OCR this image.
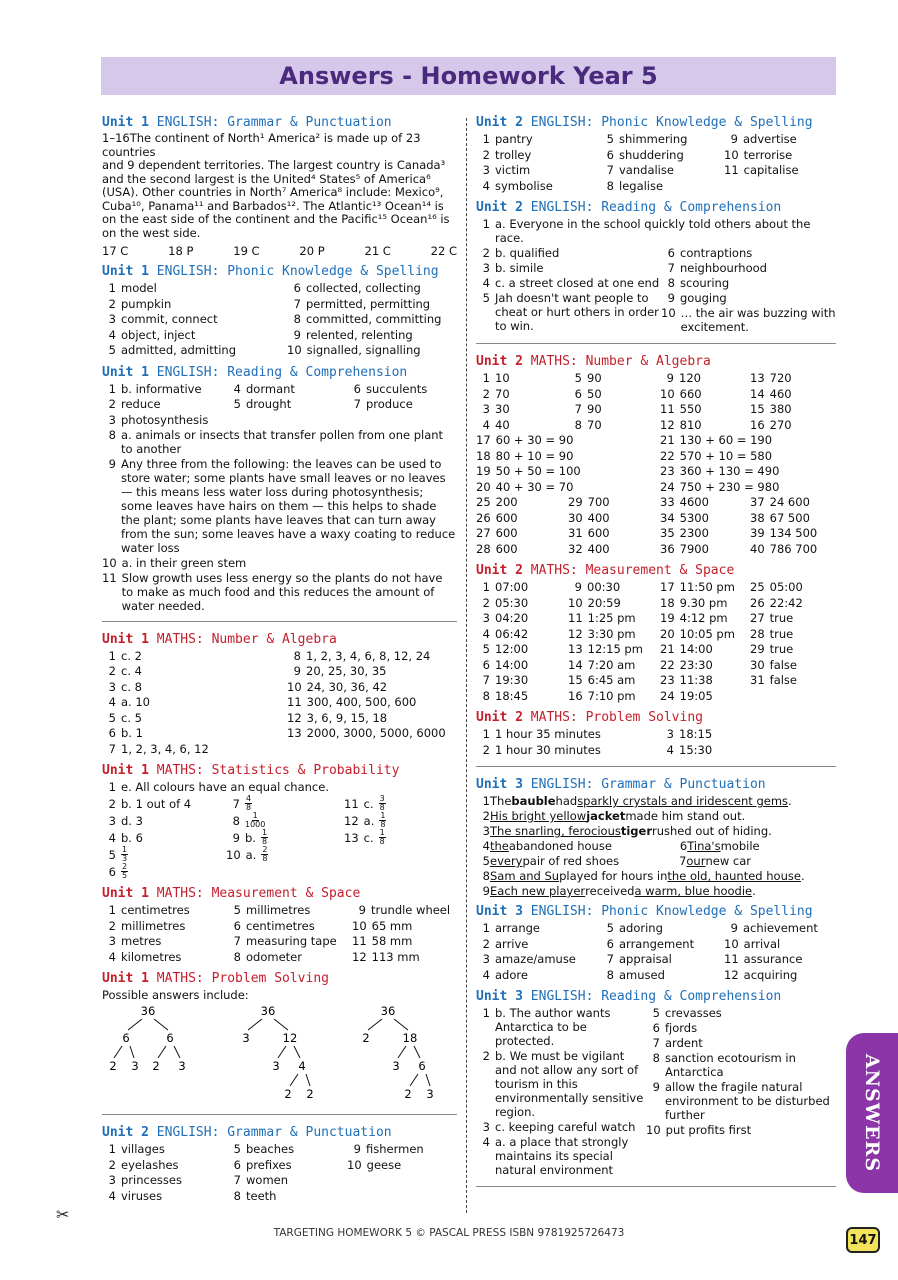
Answers - Homework Year 5
Unit 1 ENGLISH: Grammar & Punctuation
1–16The continent of North¹ America² is made up of 23 countries
and 9 dependent territories. The largest country is Canada³
and the second largest is the United⁴ States⁵ of America⁶
(USA). Other countries in North⁷ America⁸ include: Mexico⁹,
Cuba¹⁰, Panama¹¹ and Barbados¹². The Atlantic¹³ Ocean¹⁴ is
on the east side of the continent and the Pacific¹⁵ Ocean¹⁶ is
on the west side.
17 C	18 P	19 C	20 P	21 C	22 C
Unit 1 ENGLISH: Phonic Knowledge & Spelling
1 model	6 collected, collecting
2 pumpkin	7 permitted, permitting
3 commit, connect	8 committed, committing
4 object, inject	9 relented, relenting
5 admitted, admitting	10 signalled, signalling
Unit 1 ENGLISH: Reading & Comprehension
1 b. informative	4 dormant	6 succulents
2 reduce	5 drought	7 produce
3 photosynthesis
8 a. animals or insects that transfer pollen from one plant to another
9 Any three from the following: the leaves can be used to store water; some plants have small leaves or no leaves — this means less water loss during photosynthesis; some leaves have hairs on them — this helps to shade the plant; some plants have leaves that can turn away from the sun; some leaves have a waxy coating to reduce water loss
10 a. in their green stem
11 Slow growth uses less energy so the plants do not have to make as much food and this reduces the amount of water needed.
Unit 1 MATHS: Number & Algebra
1 c. 2	8 1, 2, 3, 4, 6, 8, 12, 24
2 c. 4	9 20, 25, 30, 35
3 c. 8	10 24, 30, 36, 42
4 a. 10	11 300, 400, 500, 600
5 c. 5	12 3, 6, 9, 15, 18
6 b. 1	13 2000, 3000, 5000, 6000
7 1, 2, 3, 4, 6, 12
Unit 1 MATHS: Statistics & Probability
1 e. All colours have an equal chance.
2 b. 1 out of 4
3 d. 3
4 b. 6
$5 \frac{1}{3}$
$6 \frac{2}{5}$
$7 \frac{4}{8}$
$8 \frac{1}{1000}$
9 b. $\frac{1}{8}$
10 a. $\frac{2}{8}$
11 c. $\frac{3}{8}$
12 a. $\frac{1}{8}$
13 c. $\frac{1}{8}$
Unit 1 MATHS: Measurement & Space
1 centimetres	5 millimetres	9 trundle wheel
2 millimetres	6 centimetres	10 65 mm
3 metres	7 measuring tape 11 58 mm
4 kilometres	8 odometer	12 113 mm
Unit 1 MATHS: Problem Solving
Possible answers include:
36
6	6
2 3 2 3
36
3	12
3 4
2 2
36
2	18
3 6
2 3
Unit 2 ENGLISH: Grammar & Punctuation
1 villages	5 beaches	9 fishermen
2 eyelashes	6 prefixes	10 geese
3 princesses	7 women
4 viruses	8 teeth
Unit 2 ENGLISH: Phonic Knowledge & Spelling
1 pantry	5 shimmering	9 advertise
2 trolley	6 shuddering	10 terrorise
3 victim	7 vandalise	11 capitalise
4 symbolise	8 legalise
Unit 2 ENGLISH: Reading & Comprehension
1 a. Everyone in the school quickly told others about the race.
2 b. qualified
3 b. simile
4 c. a street closed at one end
5 Jah doesn't want people to cheat or hurt others in order to win.
6 contraptions
7 neighbourhood
8 scouring
9 gouging
10 … the air was buzzing with excitement.
Unit 2 MATHS: Number & Algebra
1 10	5 90	9 120	13 720
2 70	6 50	10 660	14 460
3 30	7 90	11 550	15 380
4 40	8 70	12 810	16 270
17 60 + 30 = 90	21 130 + 60 = 190
18 80 + 10 = 90	22 570 + 10 = 580
19 50 + 50 = 100	23 360 + 130 = 490
20 40 + 30 = 70	24 750 + 230 = 980
25 200	29 700	33 4600	37 24 600
26 600	30 400	34 5300	38 67 500
27 600	31 600	35 2300	39 134 500
28 600	32 400	36 7900	40 786 700
Unit 2 MATHS: Measurement & Space
1 07:00	9 00:30	17 11:50 pm 25 05:00
2 05:30	10 20:59	18 9.30 pm 26 22:42
3 04:20	11 1:25 pm 19 4:12 pm 27 true
4 06:42	12 3:30 pm 20 10:05 pm 28 true
5 12:00	13 12:15 pm 21 14:00	29 true
6 14:00	14 7:20 am 22 23:30	30 false
7 19:30	15 6:45 am 23 11:38	31 false
8 18:45	16 7:10 pm 24 19:05
Unit 2 MATHS: Problem Solving
1 1 hour 35 minutes	3 18:15
2 1 hour 30 minutes	4 15:30
Unit 3 ENGLISH: Grammar & Punctuation
1 The bauble had sparkly crystals and iridescent gems .
2 His bright yellow jacket made him stand out.
3 The snarling, ferocious tiger rushed out of hiding.
4 the abandoned house	6 Tina's mobile
5 every pair of red shoes	7 our new car
8 Sam and Su played for hours in the old, haunted house .
9 Each new player received a warm, blue hoodie .
Unit 3 ENGLISH: Phonic Knowledge & Spelling
1 arrange	5 adoring	9 achievement
2 arrive	6 arrangement	10 arrival
3 amaze/amuse	7 appraisal	11 assurance
4 adore	8 amused	12 acquiring
Unit 3 ENGLISH: Reading & Comprehension
1 b. The author wants Antarctica to be protected.
2 b. We must be vigilant and not allow any sort of tourism in this environmentally sensitive region.
3 c. keeping careful watch
4 a. a place that strongly maintains its special natural environment
5 crevasses
6 fjords
7 ardent
8 sanction ecotourism in Antarctica
9 allow the fragile natural environment to be disturbed further
10 put profits first	ANSWERS
✂
TARGETING HOMEWORK 5 © PASCAL PRESS ISBN 9781925726473	147
